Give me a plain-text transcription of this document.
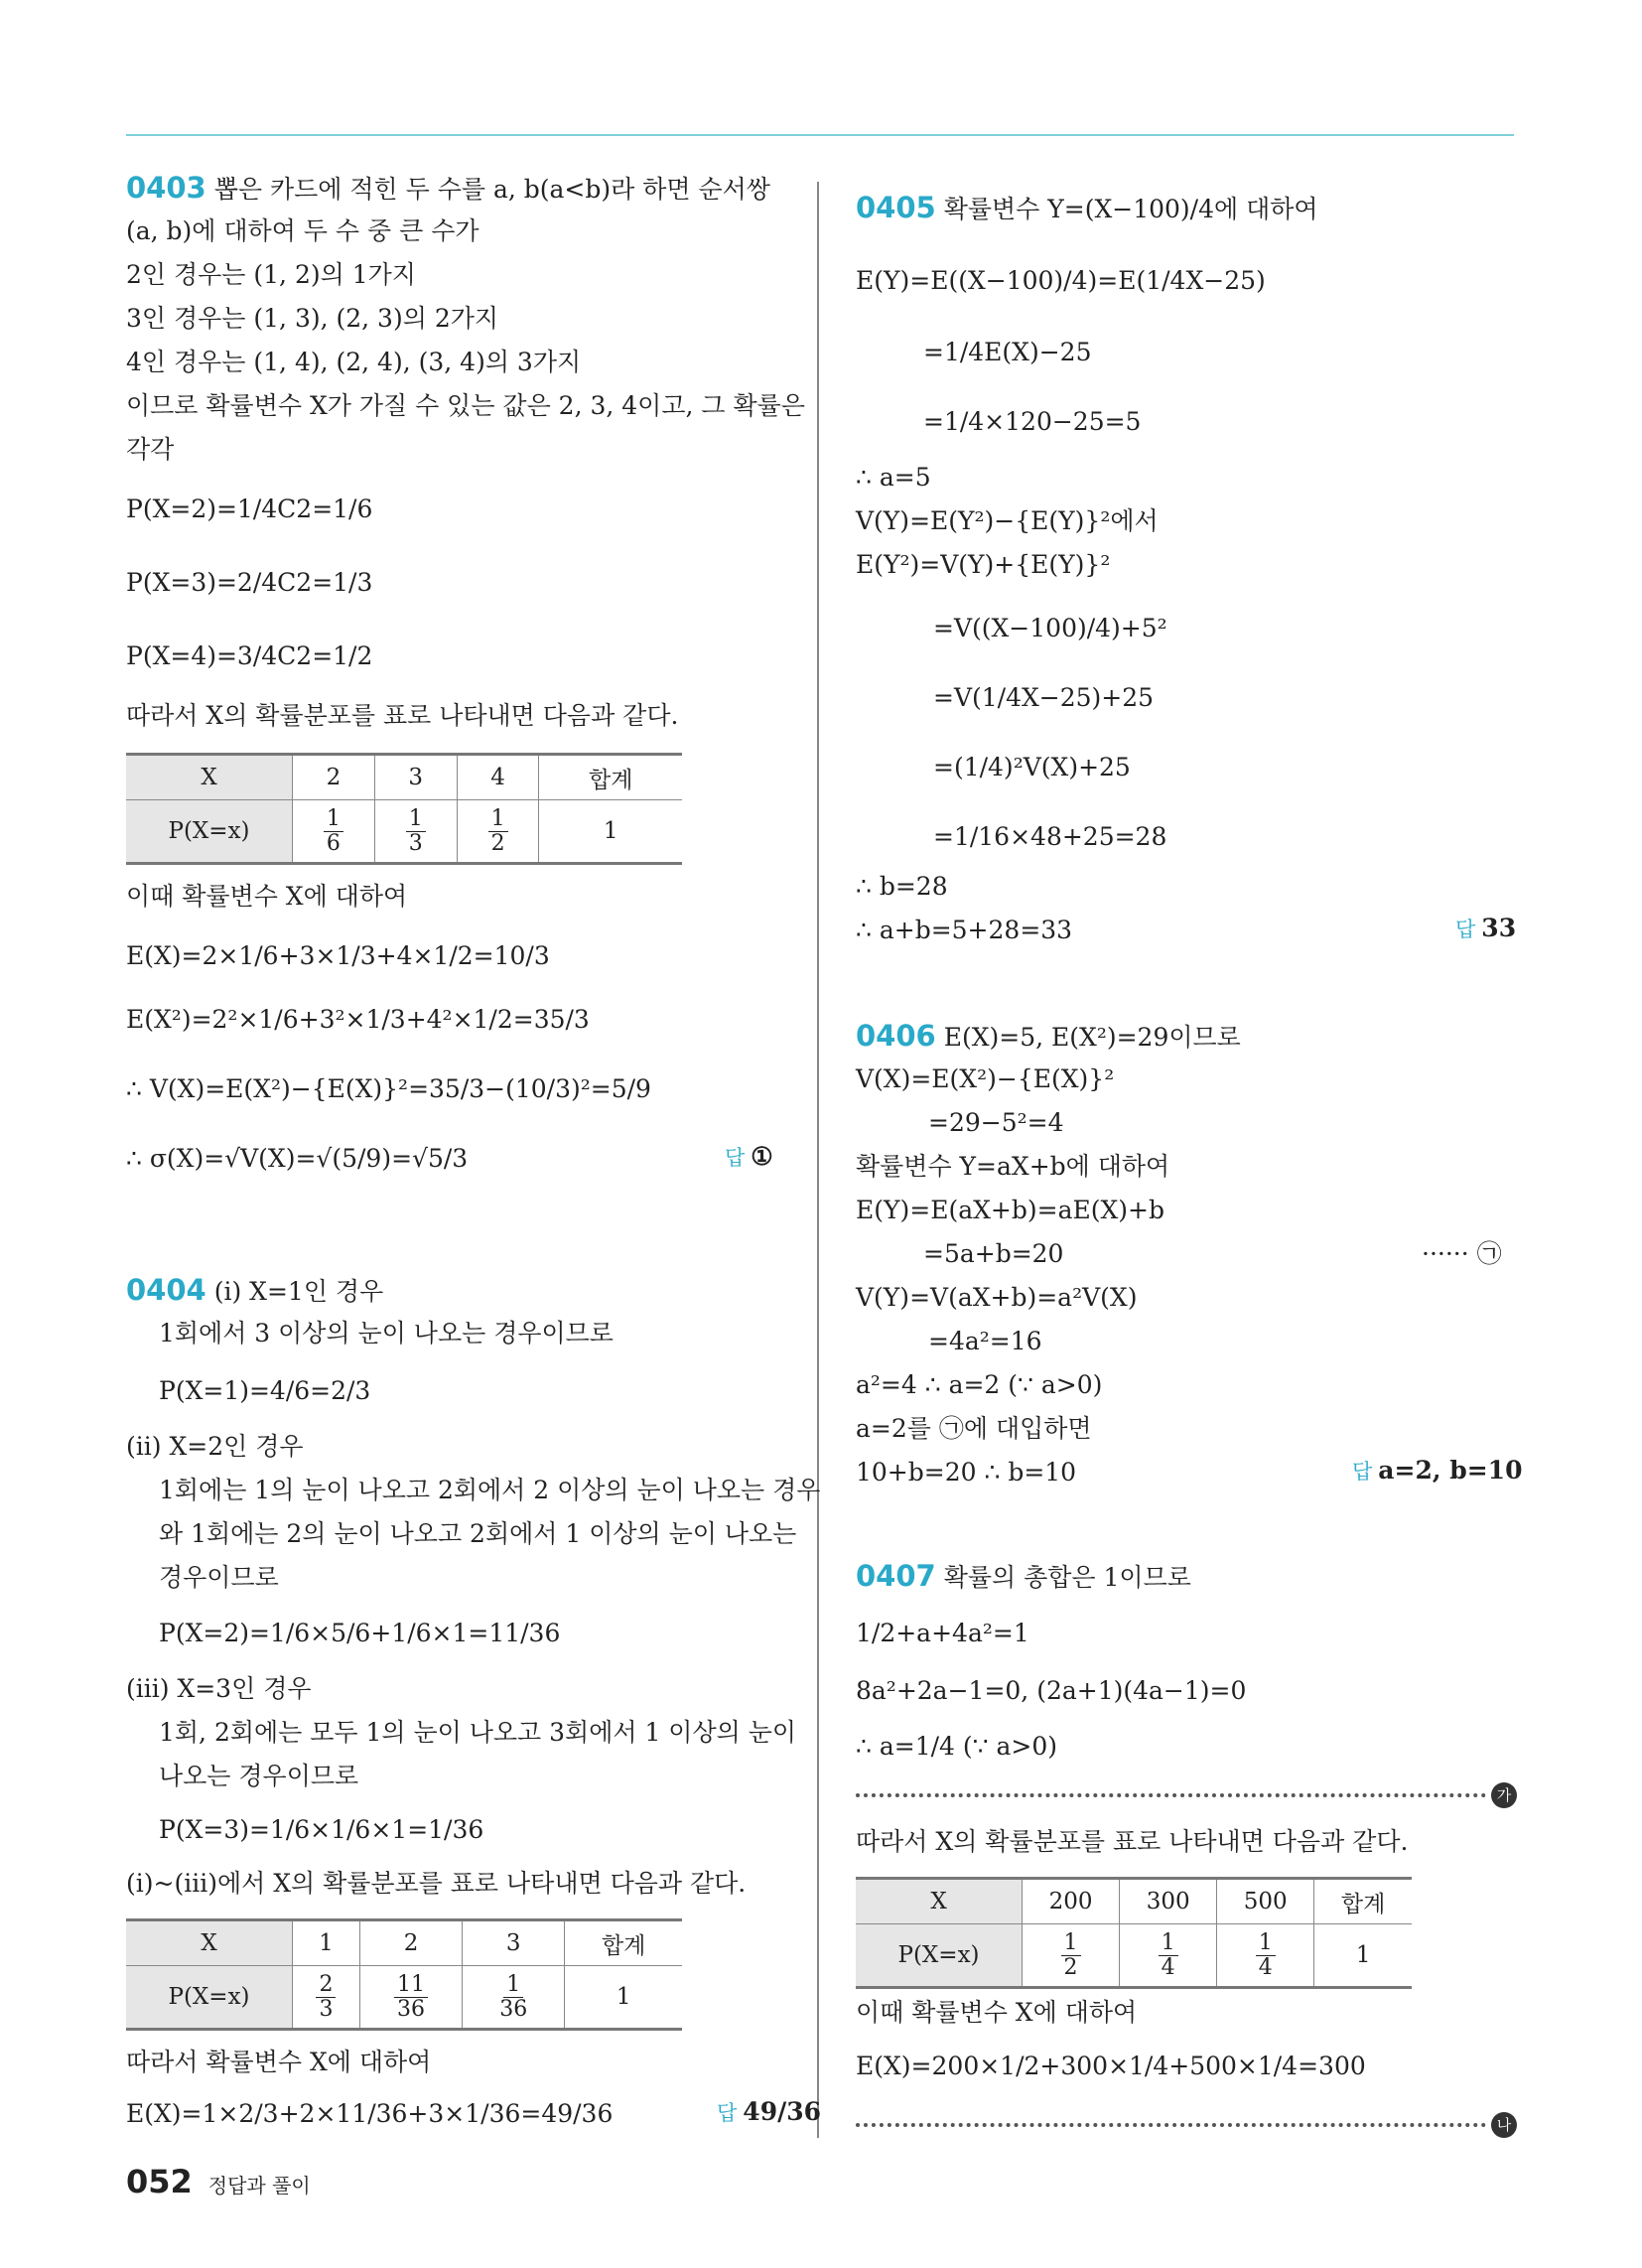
0403 뽑은 카드에 적힌 두 수를 a, b(a<b)라 하면 순서쌍
(a, b)에 대하여 두 수 중 큰 수가
2인 경우는 (1, 2)의 1가지
3인 경우는 (1, 3), (2, 3)의 2가지
4인 경우는 (1, 4), (2, 4), (3, 4)의 3가지
이므로 확률변수 X가 가질 수 있는 값은 2, 3, 4이고, 그 확률은
각각
P(X=2)=1/4C2=1/6
P(X=3)=2/4C2=1/3
P(X=4)=3/4C2=1/2
따라서 X의 확률분포를 표로 나타내면 다음과 같다.
X	2	3	4	합계
P(X=x)	$\frac{1}{6}$	$\frac{1}{3}$	$\frac{1}{2}$	1
이때 확률변수 X에 대하여
E(X)=2×1/6+3×1/3+4×1/2=10/3
E(X²)=2²×1/6+3²×1/3+4²×1/2=35/3
∴ V(X)=E(X²)−{E(X)}²=35/3−(10/3)²=5/9
∴ σ(X)=√V(X)=√(5/9)=√5/3	답 ①
0404 (i) X=1인 경우
1회에서 3 이상의 눈이 나오는 경우이므로
P(X=1)=4/6=2/3
(ii) X=2인 경우
1회에는 1의 눈이 나오고 2회에서 2 이상의 눈이 나오는 경우
와 1회에는 2의 눈이 나오고 2회에서 1 이상의 눈이 나오는
경우이므로
P(X=2)=1/6×5/6+1/6×1=11/36
(iii) X=3인 경우
1회, 2회에는 모두 1의 눈이 나오고 3회에서 1 이상의 눈이
나오는 경우이므로
P(X=3)=1/6×1/6×1=1/36
(i)~(iii)에서 X의 확률분포를 표로 나타내면 다음과 같다.
X	1	2	3	합계
P(X=x)	$\frac{2}{3}$	$\frac{11}{36}$	$\frac{1}{36}$	1
따라서 확률변수 X에 대하여
E(X)=1×2/3+2×11/36+3×1/36=49/36	답 49/36
0405 확률변수 Y=(X−100)/4에 대하여
E(Y)=E((X−100)/4)=E(1/4X−25)
=1/4E(X)−25
=1/4×120−25=5
∴ a=5
V(Y)=E(Y²)−{E(Y)}²에서
E(Y²)=V(Y)+{E(Y)}²
=V((X−100)/4)+5²
=V(1/4X−25)+25
=(1/4)²V(X)+25
=1/16×48+25=28
∴ b=28
∴ a+b=5+28=33	답 33
0406 E(X)=5, E(X²)=29이므로
V(X)=E(X²)−{E(X)}²
=29−5²=4
확률변수 Y=aX+b에 대하여
E(Y)=E(aX+b)=aE(X)+b
=5a+b=20	······ ㉠
V(Y)=V(aX+b)=a²V(X)
=4a²=16
a²=4 ∴ a=2 (∵ a>0)
a=2를 ㉠에 대입하면
10+b=20 ∴ b=10	답 a=2, b=10
0407 확률의 총합은 1이므로
1/2+a+4a²=1
8a²+2a−1=0, (2a+1)(4a−1)=0
∴ a=1/4 (∵ a>0)
가
따라서 X의 확률분포를 표로 나타내면 다음과 같다.
X	200	300	500	합계
P(X=x)	$\frac{1}{2}$	$\frac{1}{4}$	$\frac{1}{4}$	1
이때 확률변수 X에 대하여
E(X)=200×1/2+300×1/4+500×1/4=300
나
052 정답과 풀이
